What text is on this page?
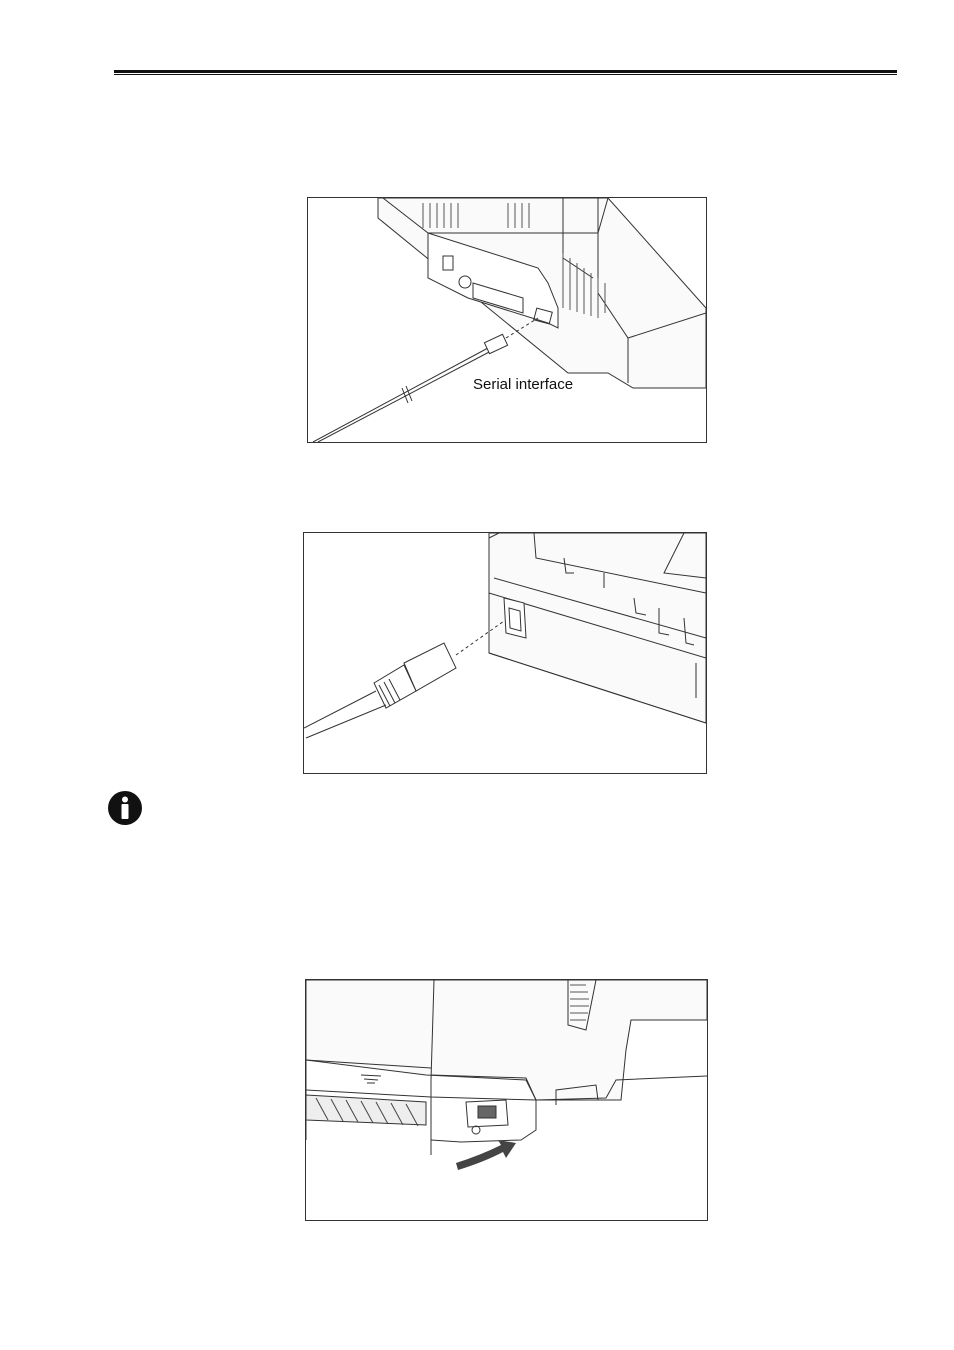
Serial interface
